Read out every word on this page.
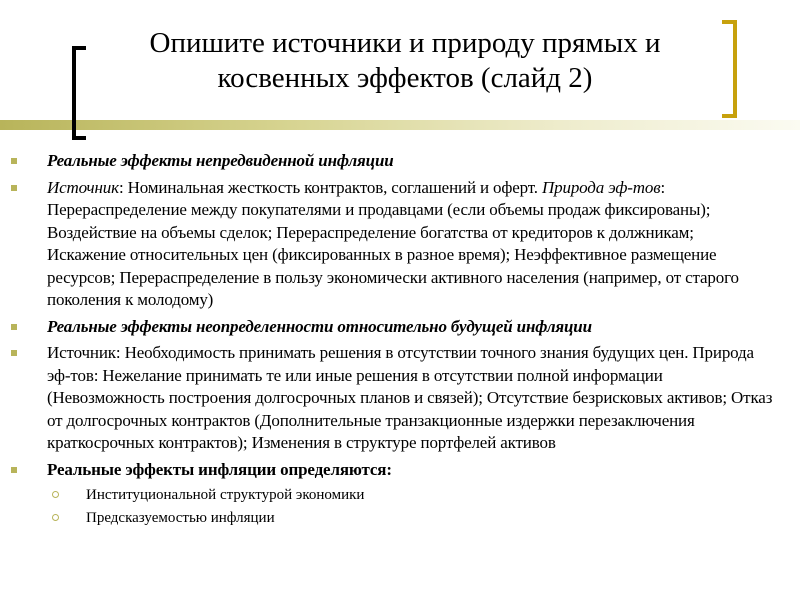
Опишите источники и природу прямых и
косвенных эффектов (слайд 2)
Реальные эффекты непредвиденной инфляции
Источник: Номинальная жесткость контрактов, соглашений и оферт. Природа эф-тов: Перераспределение между покупателями и продавцами (если объемы продаж фиксированы); Воздействие на объемы сделок; Перераспределение богатства от кредиторов к должникам; Искажение относительных цен (фиксированных в разное время); Неэффективное размещение ресурсов; Перераспределение в пользу экономически активного населения (например, от старого поколения к молодому)
Реальные эффекты неопределенности относительно будущей инфляции
Источник: Необходимость принимать решения в отсутствии точного знания будущих цен. Природа эф-тов: Нежелание принимать те или иные решения в отсутствии полной информации (Невозможность построения долгосрочных планов и связей); Отсутствие безрисковых активов; Отказ от долгосрочных контрактов (Дополнительные транзакционные издержки перезаключения краткосрочных контрактов); Изменения в структуре портфелей активов
Реальные эффекты инфляции определяются:
Институциональной структурой экономики
Предсказуемостью инфляции
